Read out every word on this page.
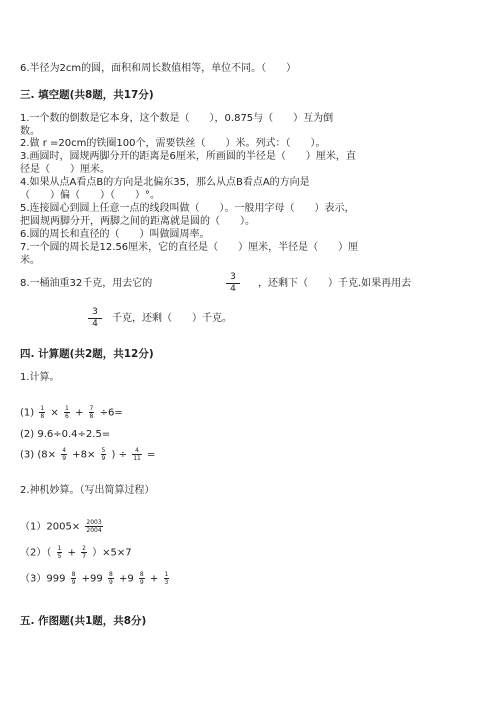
6.半径为2cm的圆，面积和周长数值相等，单位不同。（　　）
三. 填空题(共8题，共17分)
1.一个数的倒数是它本身，这个数是（　　），0.875与（　　）互为倒
数。
2.做 r =20cm的铁圈100个，需要铁丝（　　）米。列式：（　　）。
3.画圆时，圆规两脚分开的距离是6厘米，所画圆的半径是（　　）厘米，直
径是（　　）厘米。
4.如果从点A看点B的方向是北偏东35，那么从点B看点A的方向是
（　　）偏（　　）（　　）°。
5.连接圆心到圆上任意一点的线段叫做（　　）。一般用字母（　　）表示，
把圆规两脚分开，两脚之间的距离就是圆的（　　）。
6.圆的周长和直径的（　　）叫做圆周率。
7.一个圆的周长是12.56厘米，它的直径是（　　）厘米，半径是（　　）厘
米。
8.一桶油重32千克，用去它的	$\frac{3}{4}$ ，还剩下（　　）千克.如果再用去
$\frac{3}{4}$ 千克，还剩（　　）千克。
四. 计算题(共2题，共12分)
1.计算。
$(1) \frac{1}{8} \times \frac{1}{6} + \frac{7}{8} \div 6=$
(2) 9.6÷0.4÷2.5=
(3) ($8\times \frac{4}{9} +8\times \frac{5}{9}$ ) ÷ $\frac{4}{11}$ =
2.神机妙算。（写出简算过程）
$(1)2005\times \frac{2003}{2004}$
$(2)( \frac{1}{5} + \frac{2}{7} )\times 5\times 7$
$(3)999 \frac{8}{9} +99 \frac{8}{9} +9 \frac{8}{9} + \frac{1}{3}$
五. 作图题(共1题，共8分)
